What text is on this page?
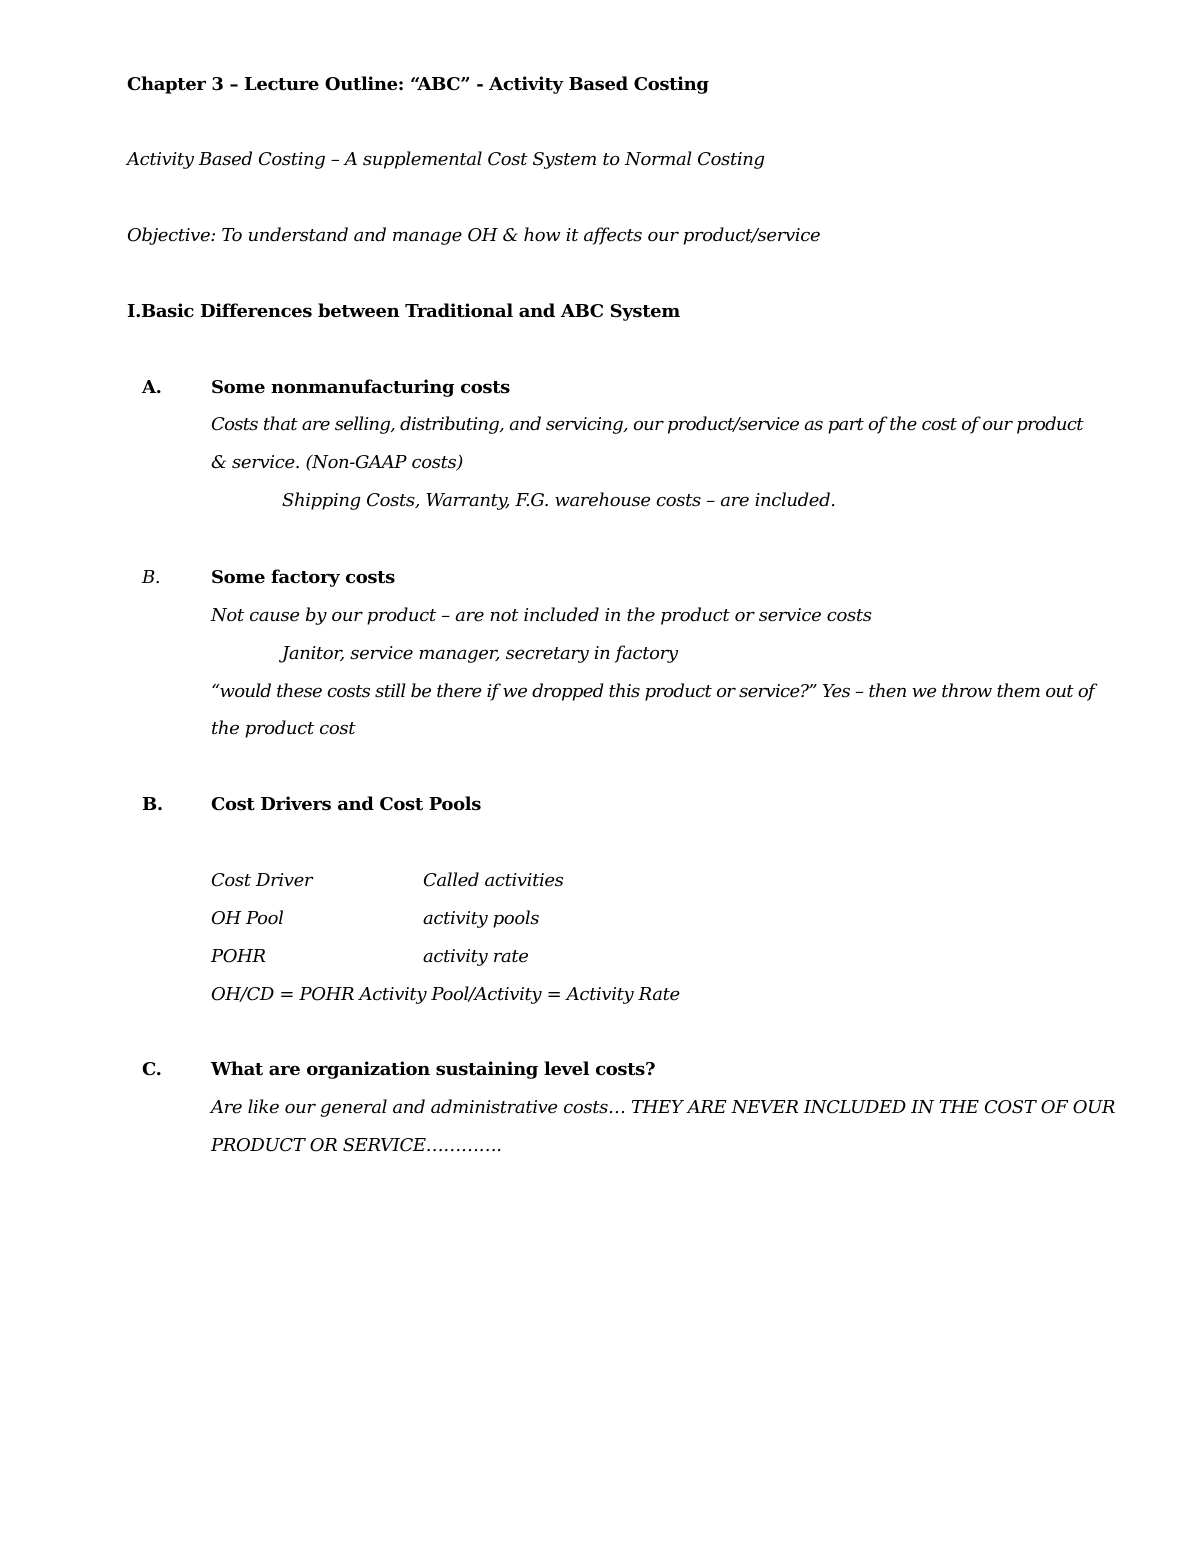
Chapter 3 – Lecture Outline: “ABC” - Activity Based Costing
Activity Based Costing – A supplemental Cost System to Normal Costing
Objective: To understand and manage OH & how it affects our product/service
I.Basic Differences between Traditional and ABC System
A.	Some nonmanufacturing costs
Costs that are selling, distributing, and servicing, our product/service as part of the cost of our product
& service. (Non-GAAP costs)
Shipping Costs, Warranty, F.G. warehouse costs – are included.
B.	Some factory costs
Not cause by our product – are not included in the product or service costs
Janitor, service manager, secretary in factory
“would these costs still be there if we dropped this product or service?” Yes – then we throw them out of
the product cost
B.	Cost Drivers and Cost Pools
Cost Driver	Called activities
OH Pool	activity pools
POHR	activity rate
OH/CD = POHR Activity Pool/Activity = Activity Rate
C.	What are organization sustaining level costs?
Are like our general and administrative costs… THEY ARE NEVER INCLUDED IN THE COST OF OUR
PRODUCT OR SERVICE………….
